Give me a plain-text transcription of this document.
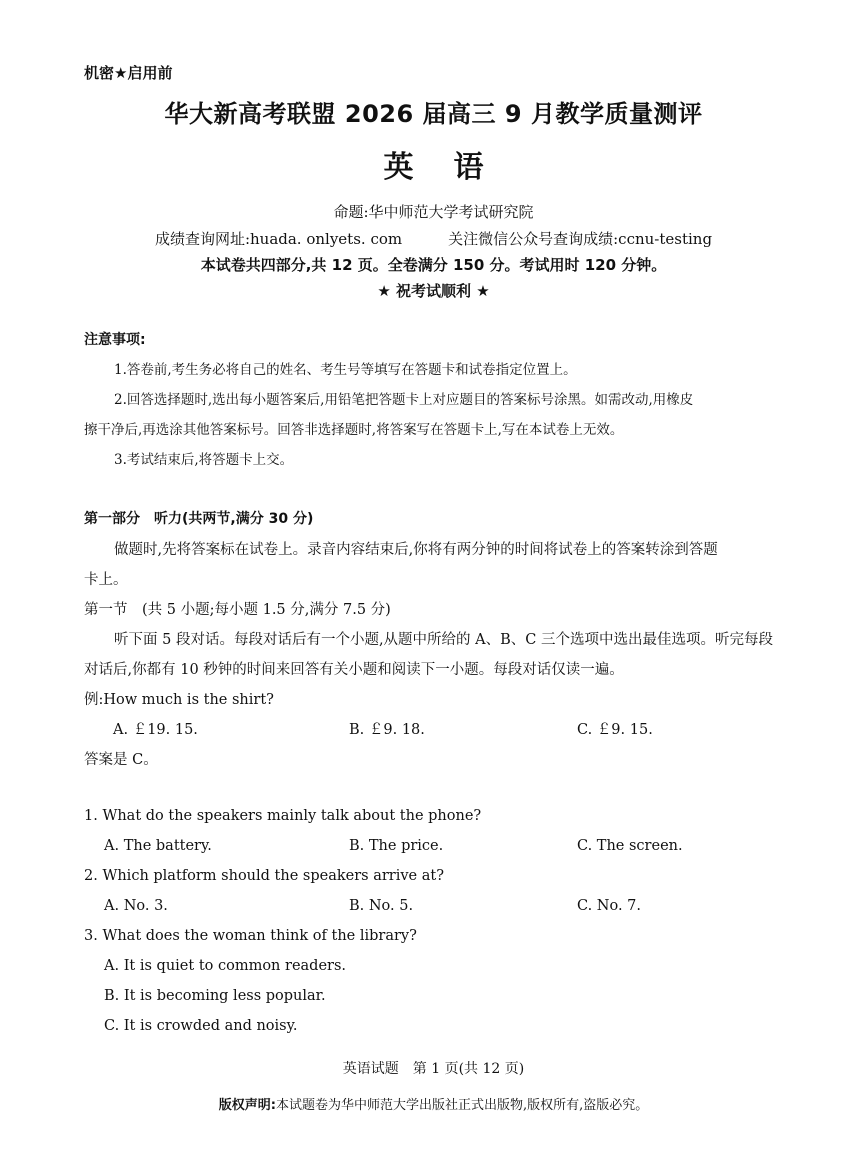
机密★启用前
华大新高考联盟 2026 届高三 9 月教学质量测评
英语
命题:华中师范大学考试研究院
成绩查询网址:huada. onlyets. com	关注微信公众号查询成绩:ccnu-testing
本试卷共四部分,共 12 页。全卷满分 150 分。考试用时 120 分钟。
★ 祝考试顺利 ★
注意事项:
1.答卷前,考生务必将自己的姓名、考生号等填写在答题卡和试卷指定位置上。
2.回答选择题时,选出每小题答案后,用铅笔把答题卡上对应题目的答案标号涂黑。如需改动,用橡皮
擦干净后,再选涂其他答案标号。回答非选择题时,将答案写在答题卡上,写在本试卷上无效。
3.考试结束后,将答题卡上交。
第一部分　听力(共两节,满分 30 分)
做题时,先将答案标在试卷上。录音内容结束后,你将有两分钟的时间将试卷上的答案转涂到答题
卡上。
第一节　(共 5 小题;每小题 1.5 分,满分 7.5 分)
听下面 5 段对话。每段对话后有一个小题,从题中所给的 A、B、C 三个选项中选出最佳选项。听完每段
对话后,你都有 10 秒钟的时间来回答有关小题和阅读下一小题。每段对话仅读一遍。
例:How much is the shirt?
A. ￡19. 15.	B. ￡9. 18.	C. ￡9. 15.
答案是 C。
1. What do the speakers mainly talk about the phone?
A. The battery.	B. The price.	C. The screen.
2. Which platform should the speakers arrive at?
A. No. 3.	B. No. 5.	C. No. 7.
3. What does the woman think of the library?
A. It is quiet to common readers.
B. It is becoming less popular.
C. It is crowded and noisy.
英语试题　第 1 页(共 12 页)
版权声明:本试题卷为华中师范大学出版社正式出版物,版权所有,盗版必究。
